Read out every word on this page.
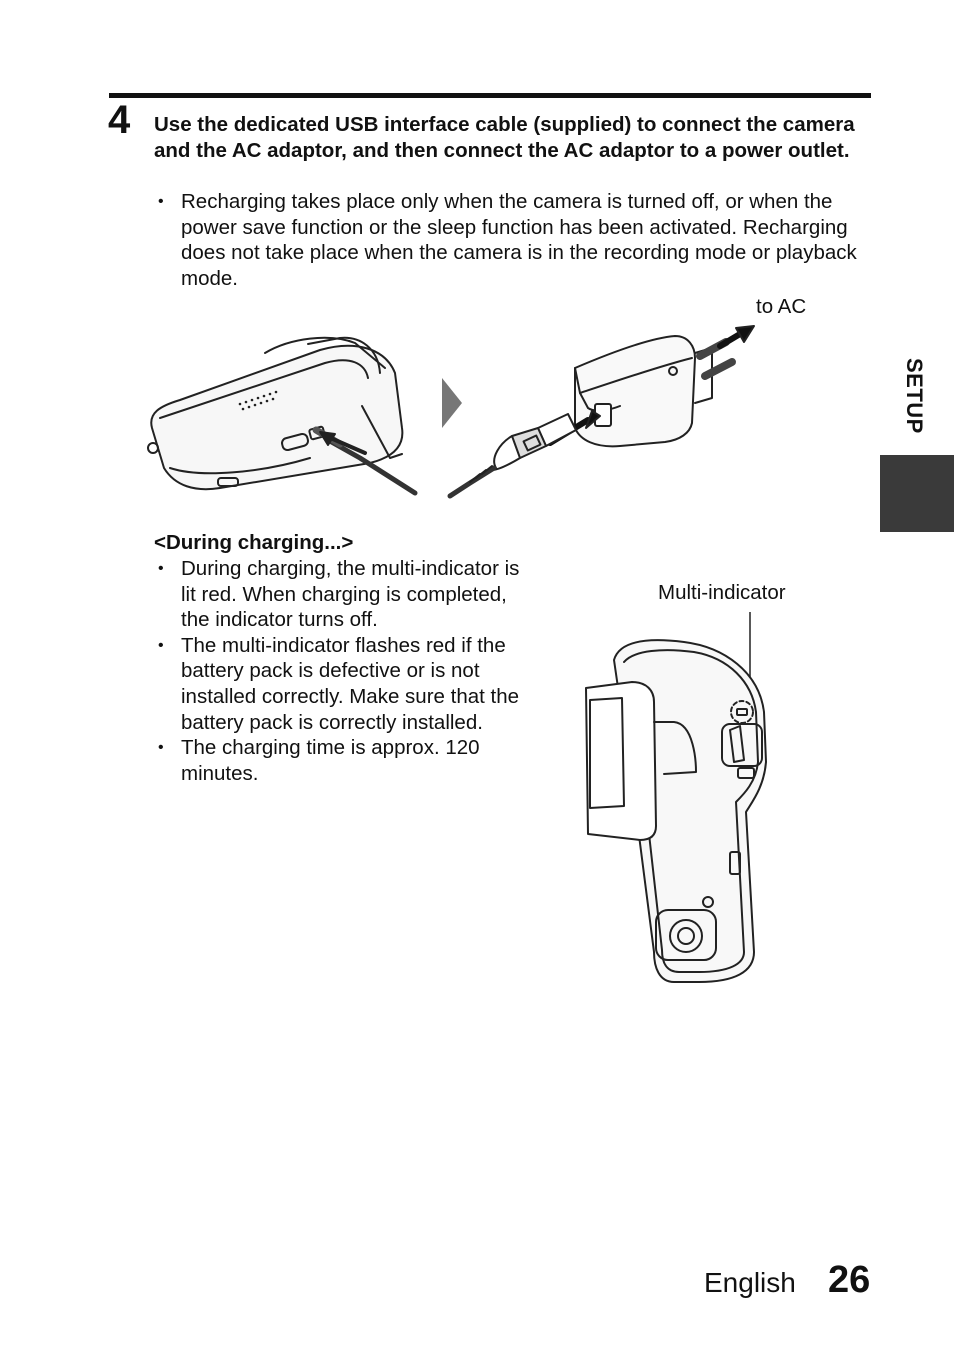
4 Use the dedicated USB interface cable (supplied) to connect the camera and the AC adaptor, and then connect the AC adaptor to a power outlet.
• Recharging takes place only when the camera is turned off, or when the power save function or the sleep function has been activated. Recharging does not take place when the camera is in the recording mode or playback mode.
to AC
<During charging...>
• During charging, the multi-indicator is lit red. When charging is completed, the indicator turns off.
• The multi-indicator flashes red if the battery pack is defective or is not installed correctly. Make sure that the battery pack is correctly installed.
• The charging time is approx. 120 minutes.
Multi-indicator
SETUP
English 26
